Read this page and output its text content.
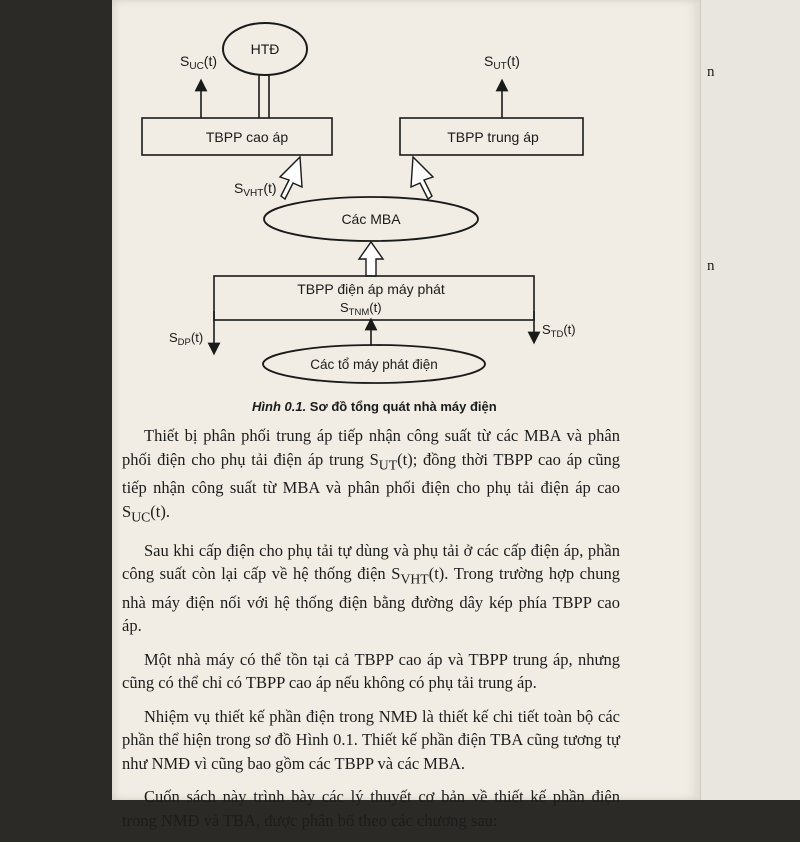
n
n
HTĐ
$S_{UC}(t)$	$S_{UT}(t)$
TBPP cao áp	TBPP trung áp
$S_{VHT}(t)$
Các MBA
TBPP điện áp máy phát
$S_{TNM}(t)$
$S_{DP}(t)$
$S_{TD}(t)$
Các tổ máy phát điện

Hình 0.1. Sơ đồ tổng quát nhà máy điện

Thiết bị phân phối trung áp tiếp nhận công suất từ các MBA và phân phối điện cho phụ tải điện áp trung $S_{UT}(t)$; đồng thời TBPP cao áp cũng tiếp nhận công suất từ MBA và phân phối điện cho phụ tải điện áp cao $S_{UC}(t)$.

Sau khi cấp điện cho phụ tải tự dùng và phụ tải ở các cấp điện áp, phần công suất còn lại cấp về hệ thống điện $S_{VHT}(t)$. Trong trường hợp chung nhà máy điện nối với hệ thống điện bằng đường dây kép phía TBPP cao áp.

Một nhà máy có thể tồn tại cả TBPP cao áp và TBPP trung áp, nhưng cũng có thể chỉ có TBPP cao áp nếu không có phụ tải trung áp.

Nhiệm vụ thiết kế phần điện trong NMĐ là thiết kế chi tiết toàn bộ các phần thể hiện trong sơ đồ Hình 0.1. Thiết kế phần điện TBA cũng tương tự như NMĐ vì cũng bao gồm các TBPP và các MBA.

Cuốn sách này trình bày các lý thuyết cơ bản về thiết kế phần điện trong NMĐ và TBA, được phân bổ theo các chương sau:
